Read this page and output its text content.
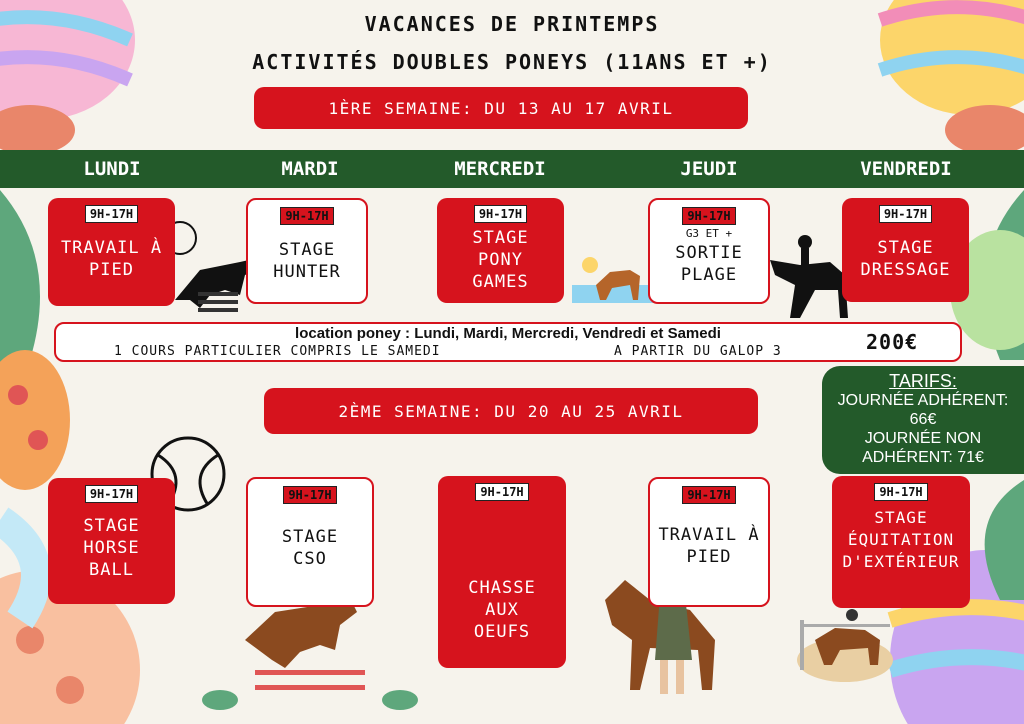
VACANCES DE PRINTEMPS
ACTIVITÉS DOUBLES PONEYS (11ANS ET +)
1ÈRE SEMAINE: DU 13 AU 17 AVRIL
LUNDI	MARDI	MERCREDI	JEUDI	VENDREDI
9H-17H
TRAVAIL À
PIED
9H-17H
STAGE
HUNTER
9H-17H
STAGE
PONY
GAMES
9H-17H
G3 ET +
SORTIE
PLAGE
9H-17H
STAGE
DRESSAGE
location poney : Lundi, Mardi, Mercredi, Vendredi et Samedi
1 COURS PARTICULIER COMPRIS LE SAMEDI	A PARTIR DU GALOP 3	200€
TARIFS:
JOURNÉE ADHÉRENT:
66€
JOURNÉE NON
ADHÉRENT: 71€
2ÈME SEMAINE: DU 20 AU 25 AVRIL
9H-17H
STAGE
HORSE
BALL
9H-17H
STAGE
CSO
9H-17H
CHASSE
AUX
OEUFS
9H-17H
TRAVAIL À
PIED
9H-17H
STAGE
ÉQUITATION
D'EXTÉRIEUR
